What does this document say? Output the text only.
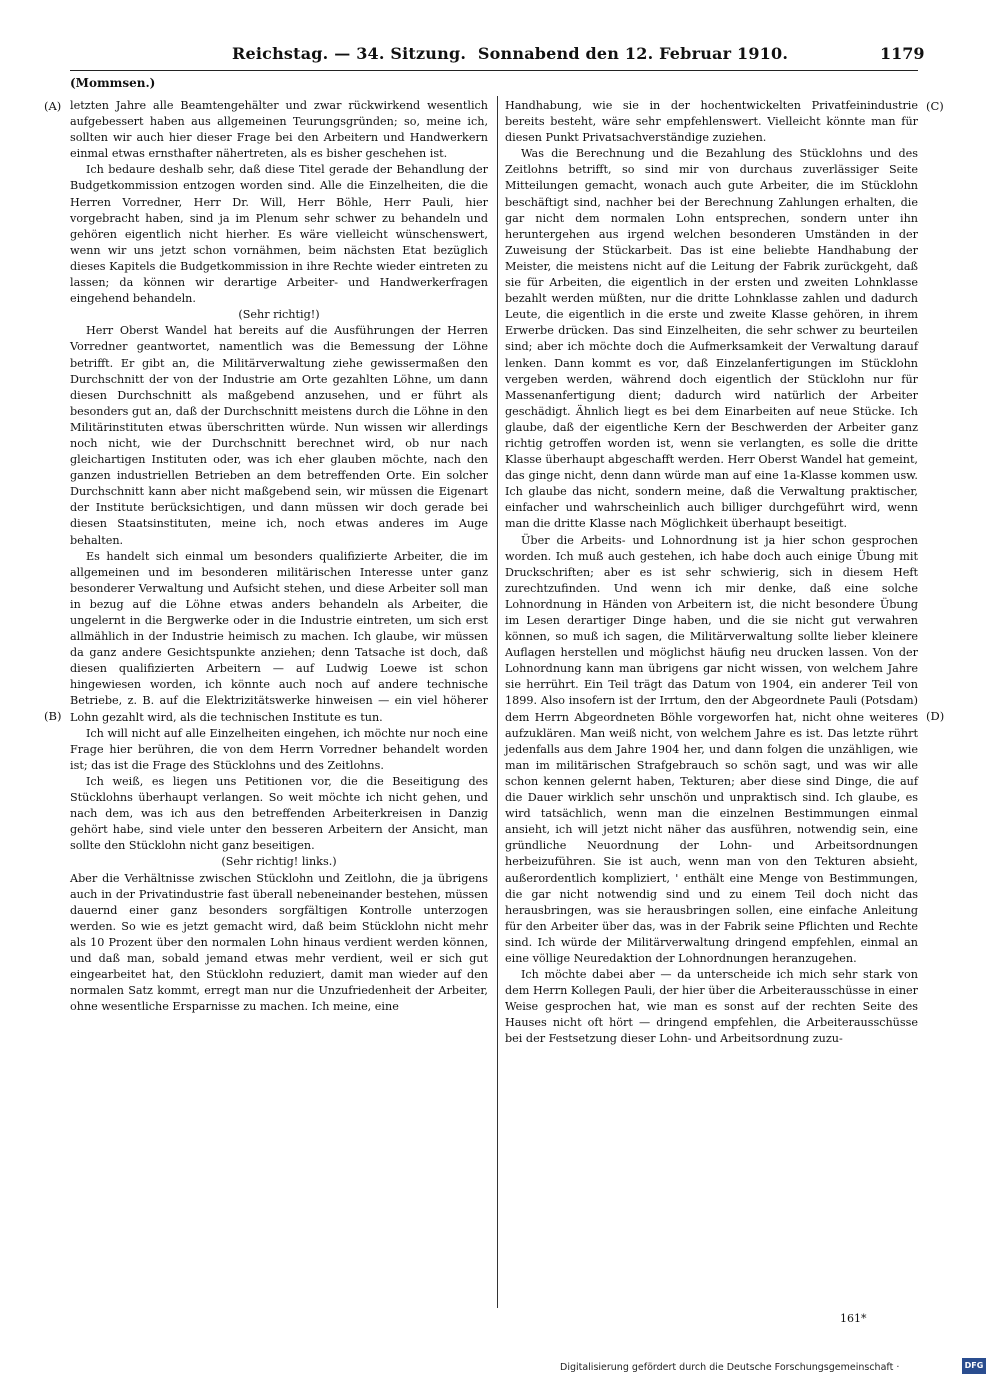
Reichstag. — 34. Sitzung. Sonnabend den 12. Februar 1910.	1179
(Mommsen.)
(A)
(B)
(C)
(D)

letzten Jahre alle Beamtengehälter und zwar rückwirkend wesentlich aufgebessert haben aus allgemeinen Teurungsgründen; so, meine ich, sollten wir auch hier dieser Frage bei den Arbeitern und Handwerkern einmal etwas ernsthafter nähertreten, als es bisher geschehen ist.

Ich bedaure deshalb sehr, daß diese Titel gerade der Behandlung der Budgetkommission entzogen worden sind. Alle die Einzelheiten, die die Herren Vorredner, Herr Dr. Will, Herr Böhle, Herr Pauli, hier vorgebracht haben, sind ja im Plenum sehr schwer zu behandeln und gehören eigentlich nicht hierher. Es wäre vielleicht wünschenswert, wenn wir uns jetzt schon vornähmen, beim nächsten Etat bezüglich dieses Kapitels die Budgetkommission in ihre Rechte wieder eintreten zu lassen; da können wir derartige Arbeiter- und Handwerkerfragen eingehend behandeln.

(Sehr richtig!)

Herr Oberst Wandel hat bereits auf die Ausführungen der Herren Vorredner geantwortet, namentlich was die Bemessung der Löhne betrifft. Er gibt an, die Militärverwaltung ziehe gewissermaßen den Durchschnitt der von der Industrie am Orte gezahlten Löhne, um dann diesen Durchschnitt als maßgebend anzusehen, und er führt als besonders gut an, daß der Durchschnitt meistens durch die Löhne in den Militärinstituten etwas überschritten würde. Nun wissen wir allerdings noch nicht, wie der Durchschnitt berechnet wird, ob nur nach gleichartigen Instituten oder, was ich eher glauben möchte, nach den ganzen industriellen Betrieben an dem betreffenden Orte. Ein solcher Durchschnitt kann aber nicht maßgebend sein, wir müssen die Eigenart der Institute berücksichtigen, und dann müssen wir doch gerade bei diesen Staatsinstituten, meine ich, noch etwas anderes im Auge behalten.

Es handelt sich einmal um besonders qualifizierte Arbeiter, die im allgemeinen und im besonderen militärischen Interesse unter ganz besonderer Verwaltung und Aufsicht stehen, und diese Arbeiter soll man in bezug auf die Löhne etwas anders behandeln als Arbeiter, die ungelernt in die Bergwerke oder in die Industrie eintreten, um sich erst allmählich in der Industrie heimisch zu machen. Ich glaube, wir müssen da ganz andere Gesichtspunkte anziehen; denn Tatsache ist doch, daß diesen qualifizierten Arbeitern — auf Ludwig Loewe ist schon hingewiesen worden, ich könnte auch noch auf andere technische Betriebe, z. B. auf die Elektrizitätswerke hinweisen — ein viel höherer Lohn gezahlt wird, als die technischen Institute es tun.

Ich will nicht auf alle Einzelheiten eingehen, ich möchte nur noch eine Frage hier berühren, die von dem Herrn Vorredner behandelt worden ist; das ist die Frage des Stücklohns und des Zeitlohns.

Ich weiß, es liegen uns Petitionen vor, die die Beseitigung des Stücklohns überhaupt verlangen. So weit möchte ich nicht gehen, und nach dem, was ich aus den betreffenden Arbeiterkreisen in Danzig gehört habe, sind viele unter den besseren Arbeitern der Ansicht, man sollte den Stücklohn nicht ganz beseitigen.

(Sehr richtig! links.)

Aber die Verhältnisse zwischen Stücklohn und Zeitlohn, die ja übrigens auch in der Privatindustrie fast überall nebeneinander bestehen, müssen dauernd einer ganz besonders sorgfältigen Kontrolle unterzogen werden. So wie es jetzt gemacht wird, daß beim Stücklohn nicht mehr als 10 Prozent über den normalen Lohn hinaus verdient werden können, und daß man, sobald jemand etwas mehr verdient, weil er sich gut eingearbeitet hat, den Stücklohn reduziert, damit man wieder auf den normalen Satz kommt, erregt man nur die Unzufriedenheit der Arbeiter, ohne wesentliche Ersparnisse zu machen. Ich meine, eine

Handhabung, wie sie in der hochentwickelten Privatfeinindustrie bereits besteht, wäre sehr empfehlenswert. Vielleicht könnte man für diesen Punkt Privatsachverständige zuziehen.

Was die Berechnung und die Bezahlung des Stücklohns und des Zeitlohns betrifft, so sind mir von durchaus zuverlässiger Seite Mitteilungen gemacht, wonach auch gute Arbeiter, die im Stücklohn beschäftigt sind, nachher bei der Berechnung Zahlungen erhalten, die gar nicht dem normalen Lohn entsprechen, sondern unter ihn heruntergehen aus irgend welchen besonderen Umständen in der Zuweisung der Stückarbeit. Das ist eine beliebte Handhabung der Meister, die meistens nicht auf die Leitung der Fabrik zurückgeht, daß sie für Arbeiten, die eigentlich in der ersten und zweiten Lohnklasse bezahlt werden müßten, nur die dritte Lohnklasse zahlen und dadurch Leute, die eigentlich in die erste und zweite Klasse gehören, in ihrem Erwerbe drücken. Das sind Einzelheiten, die sehr schwer zu beurteilen sind; aber ich möchte doch die Aufmerksamkeit der Verwaltung darauf lenken. Dann kommt es vor, daß Einzelanfertigungen im Stücklohn vergeben werden, während doch eigentlich der Stücklohn nur für Massenanfertigung dient; dadurch wird natürlich der Arbeiter geschädigt. Ähnlich liegt es bei dem Einarbeiten auf neue Stücke. Ich glaube, daß der eigentliche Kern der Beschwerden der Arbeiter ganz richtig getroffen worden ist, wenn sie verlangten, es solle die dritte Klasse überhaupt abgeschafft werden. Herr Oberst Wandel hat gemeint, das ginge nicht, denn dann würde man auf eine 1a-Klasse kommen usw. Ich glaube das nicht, sondern meine, daß die Verwaltung praktischer, einfacher und wahrscheinlich auch billiger durchgeführt wird, wenn man die dritte Klasse nach Möglichkeit überhaupt beseitigt.

Über die Arbeits- und Lohnordnung ist ja hier schon gesprochen worden. Ich muß auch gestehen, ich habe doch auch einige Übung mit Druckschriften; aber es ist sehr schwierig, sich in diesem Heft zurechtzufinden. Und wenn ich mir denke, daß eine solche Lohnordnung in Händen von Arbeitern ist, die nicht besondere Übung im Lesen derartiger Dinge haben, und die sie nicht gut verwahren können, so muß ich sagen, die Militärverwaltung sollte lieber kleinere Auflagen herstellen und möglichst häufig neu drucken lassen. Von der Lohnordnung kann man übrigens gar nicht wissen, von welchem Jahre sie herrührt. Ein Teil trägt das Datum von 1904, ein anderer Teil von 1899. Also insofern ist der Irrtum, den der Abgeordnete Pauli (Potsdam) dem Herrn Abgeordneten Böhle vorgeworfen hat, nicht ohne weiteres aufzuklären. Man weiß nicht, von welchem Jahre es ist. Das letzte rührt jedenfalls aus dem Jahre 1904 her, und dann folgen die unzähligen, wie man im militärischen Strafgebrauch so schön sagt, und was wir alle schon kennen gelernt haben, Tekturen; aber diese sind Dinge, die auf die Dauer wirklich sehr unschön und unpraktisch sind. Ich glaube, es wird tatsächlich, wenn man die einzelnen Bestimmungen einmal ansieht, ich will jetzt nicht näher das ausführen, notwendig sein, eine gründliche Neuordnung der Lohn- und Arbeitsordnungen herbeizuführen. Sie ist auch, wenn man von den Tekturen absieht, außerordentlich kompliziert, ' enthält eine Menge von Bestimmungen, die gar nicht notwendig sind und zu einem Teil doch nicht das herausbringen, was sie herausbringen sollen, eine einfache Anleitung für den Arbeiter über das, was in der Fabrik seine Pflichten und Rechte sind. Ich würde der Militärverwaltung dringend empfehlen, einmal an eine völlige Neuredaktion der Lohnordnungen heranzugehen.

Ich möchte dabei aber — da unterscheide ich mich sehr stark von dem Herrn Kollegen Pauli, der hier über die Arbeiterausschüsse in einer Weise gesprochen hat, wie man es sonst auf der rechten Seite des Hauses nicht oft hört — dringend empfehlen, die Arbeiterausschüsse bei der Festsetzung dieser Lohn- und Arbeitsordnung zuzu-

161*
Digitalisierung gefördert durch die Deutsche Forschungsgemeinschaft ·	DFG
